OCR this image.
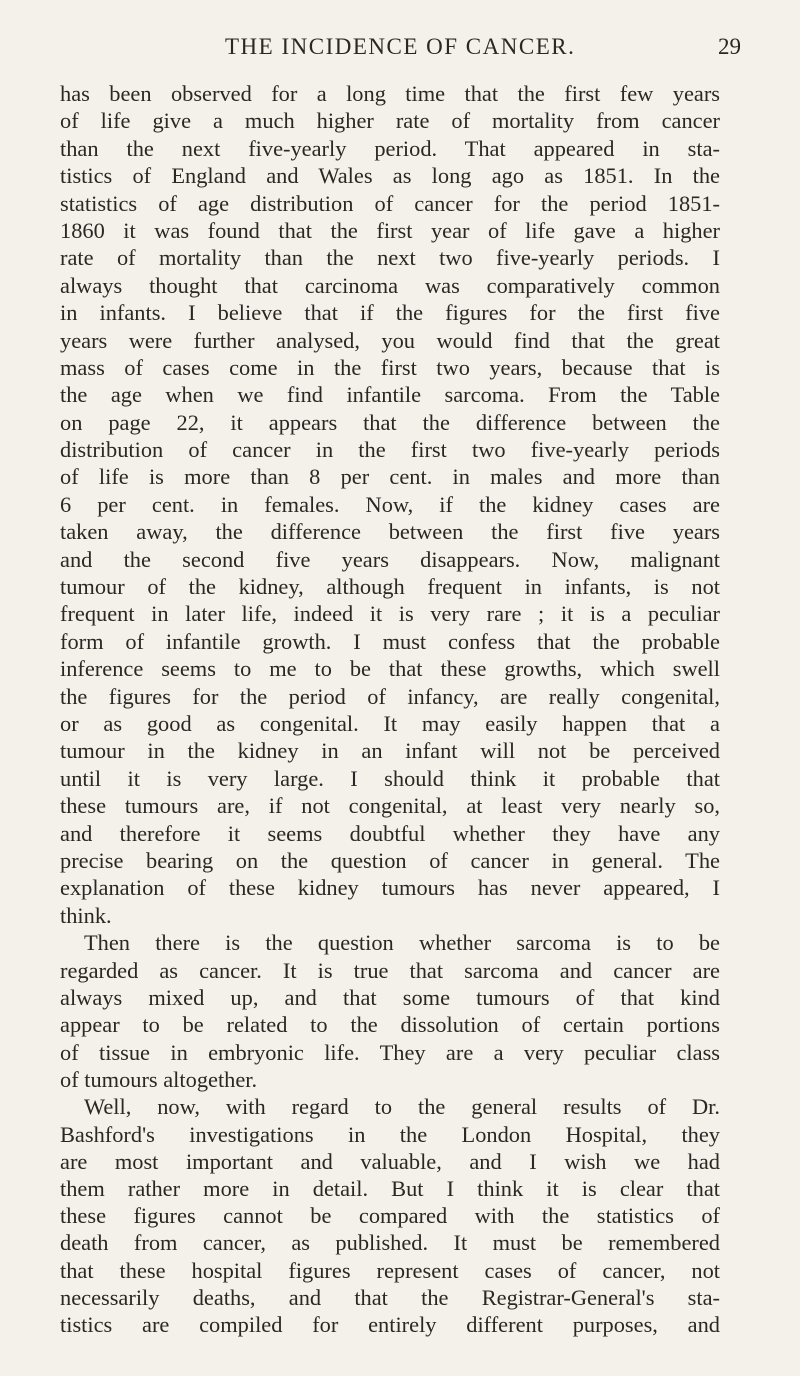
THE INCIDENCE OF CANCER.	29
has been observed for a long time that the first few years
of life give a much higher rate of mortality from cancer
than the next five-yearly period. That appeared in sta-
tistics of England and Wales as long ago as 1851. In the
statistics of age distribution of cancer for the period 1851-
1860 it was found that the first year of life gave a higher
rate of mortality than the next two five-yearly periods. I
always thought that carcinoma was comparatively common
in infants. I believe that if the figures for the first five
years were further analysed, you would find that the great
mass of cases come in the first two years, because that is
the age when we find infantile sarcoma. From the Table
on page 22, it appears that the difference between the
distribution of cancer in the first two five-yearly periods
of life is more than 8 per cent. in males and more than
6 per cent. in females. Now, if the kidney cases are
taken away, the difference between the first five years
and the second five years disappears. Now, malignant
tumour of the kidney, although frequent in infants, is not
frequent in later life, indeed it is very rare ; it is a peculiar
form of infantile growth. I must confess that the probable
inference seems to me to be that these growths, which swell
the figures for the period of infancy, are really congenital,
or as good as congenital. It may easily happen that a
tumour in the kidney in an infant will not be perceived
until it is very large. I should think it probable that
these tumours are, if not congenital, at least very nearly so,
and therefore it seems doubtful whether they have any
precise bearing on the question of cancer in general. The
explanation of these kidney tumours has never appeared, I
think.
Then there is the question whether sarcoma is to be
regarded as cancer. It is true that sarcoma and cancer are
always mixed up, and that some tumours of that kind
appear to be related to the dissolution of certain portions
of tissue in embryonic life. They are a very peculiar class
of tumours altogether.
Well, now, with regard to the general results of Dr.
Bashford's investigations in the London Hospital, they
are most important and valuable, and I wish we had
them rather more in detail. But I think it is clear that
these figures cannot be compared with the statistics of
death from cancer, as published. It must be remembered
that these hospital figures represent cases of cancer, not
necessarily deaths, and that the Registrar-General's sta-
tistics are compiled for entirely different purposes, and
